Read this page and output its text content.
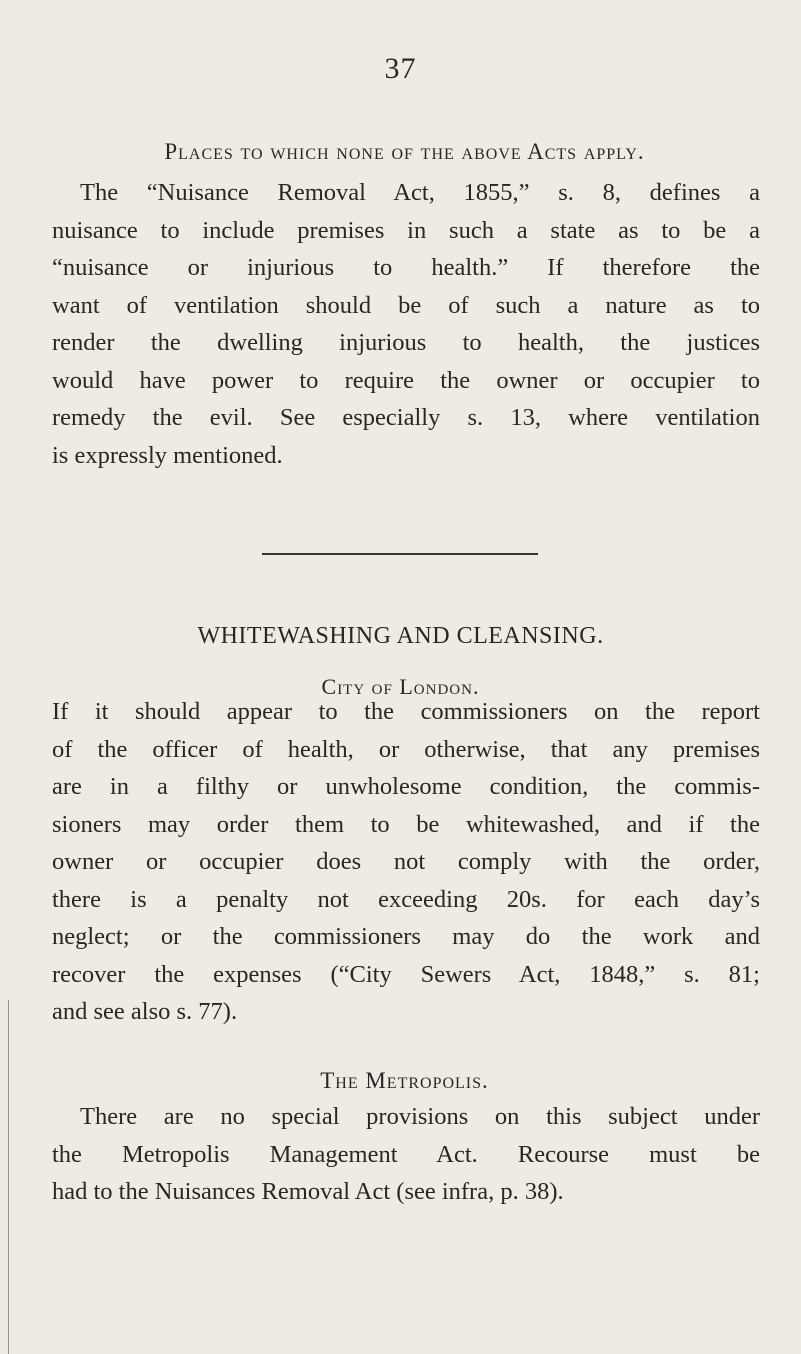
37
Places to which none of the above Acts apply.
The “Nuisance Removal Act, 1855,” s. 8, defines a
nuisance to include premises in such a state as to be a
“nuisance or injurious to health.” If therefore the
want of ventilation should be of such a nature as to
render the dwelling injurious to health, the justices
would have power to require the owner or occupier to
remedy the evil. See especially s. 13, where ventilation
is expressly mentioned.
WHITEWASHING AND CLEANSING.
City of London.
If it should appear to the commissioners on the report
of the officer of health, or otherwise, that any premises
are in a filthy or unwholesome condition, the commis-
sioners may order them to be whitewashed, and if the
owner or occupier does not comply with the order,
there is a penalty not exceeding 20s. for each day’s
neglect; or the commissioners may do the work and
recover the expenses (“City Sewers Act, 1848,” s. 81;
and see also s. 77).
The Metropolis.
There are no special provisions on this subject under
the Metropolis Management Act. Recourse must be
had to the Nuisances Removal Act (see infra, p. 38).
